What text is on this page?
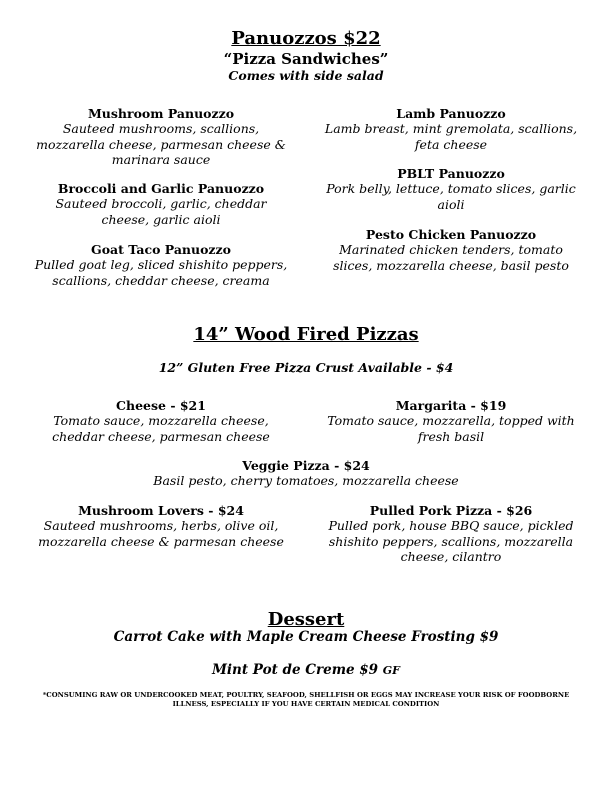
Panuozzos $22
“Pizza Sandwiches”
Comes with side salad
Mushroom Panuozzo
Sauteed mushrooms, scallions, mozzarella cheese, parmesan cheese & marinara sauce
Broccoli and Garlic Panuozzo
Sauteed broccoli, garlic, cheddar cheese, garlic aioli
Goat Taco Panuozzo
Pulled goat leg, sliced shishito peppers, scallions, cheddar cheese, creama
Lamb Panuozzo
Lamb breast, mint gremolata, scallions, feta cheese
PBLT Panuozzo
Pork belly, lettuce, tomato slices, garlic aioli
Pesto Chicken Panuozzo
Marinated chicken tenders, tomato slices, mozzarella cheese, basil pesto
14” Wood Fired Pizzas
12” Gluten Free Pizza Crust Available - $4
Cheese - $21
Tomato sauce, mozzarella cheese, cheddar cheese, parmesan cheese
Margarita - $19
Tomato sauce, mozzarella, topped with fresh basil
Veggie Pizza - $24
Basil pesto, cherry tomatoes, mozzarella cheese
Mushroom Lovers - $24
Sauteed mushrooms, herbs, olive oil, mozzarella cheese & parmesan cheese
Pulled Pork Pizza - $26
Pulled pork, house BBQ sauce, pickled shishito peppers, scallions, mozzarella cheese, cilantro
Dessert
Carrot Cake with Maple Cream Cheese Frosting $9
Mint Pot de Creme $9 GF
*CONSUMING RAW OR UNDERCOOKED MEAT, POULTRY, SEAFOOD, SHELLFISH OR EGGS MAY INCREASE YOUR RISK OF FOODBORNE ILLNESS, ESPECIALLY IF YOU HAVE CERTAIN MEDICAL CONDITION
